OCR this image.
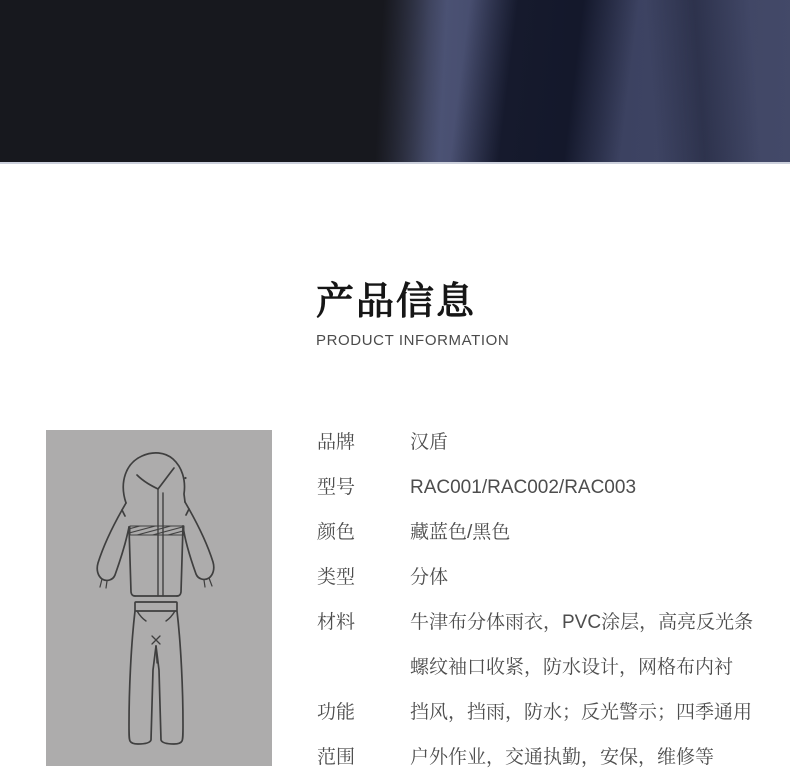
产品信息
PRODUCT INFORMATION
品牌	汉盾
型号	RAC001/RAC002/RAC003
颜色	藏蓝色/黑色
类型	分体
材料	牛津布分体雨衣，PVC涂层，高亮反光条
螺纹袖口收紧，防水设计，网格布内衬
功能	挡风，挡雨，防水；反光警示；四季通用
范围	户外作业，交通执勤，安保，维修等
